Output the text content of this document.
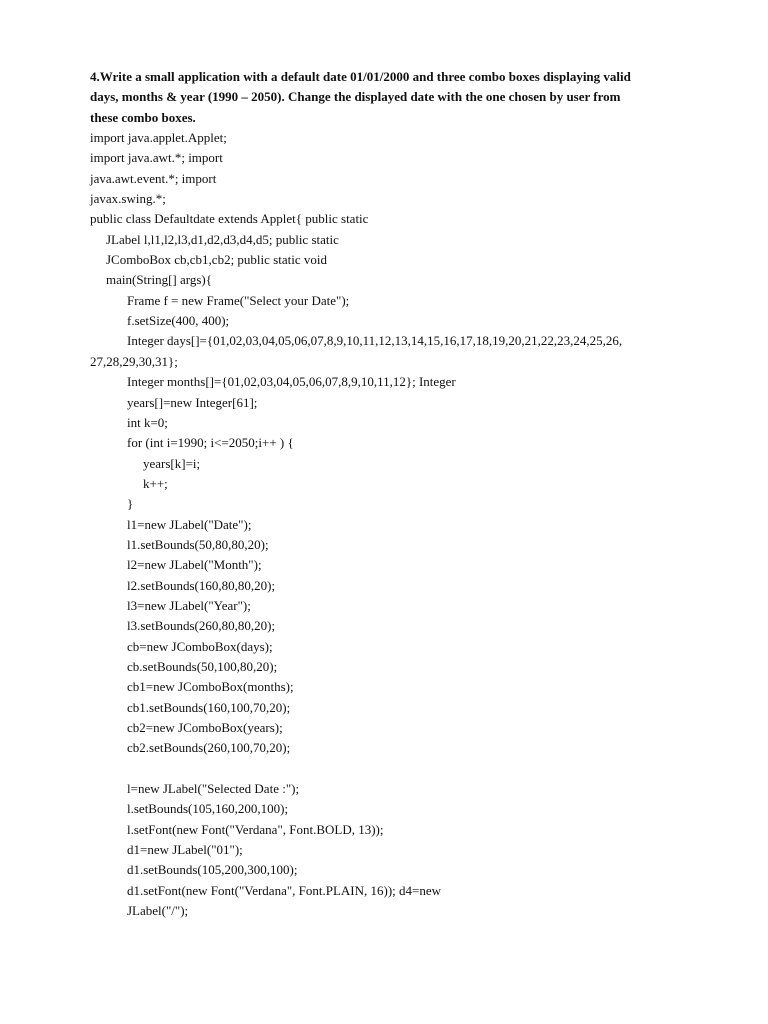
4.Write a small application with a default date 01/01/2000 and three combo boxes displaying valid
days, months & year (1990 – 2050). Change the displayed date with the one chosen by user from
these combo boxes.
import java.applet.Applet;
import java.awt.*; import
java.awt.event.*; import
javax.swing.*;
public class Defaultdate extends Applet{ public static
JLabel l,l1,l2,l3,d1,d2,d3,d4,d5; public static
JComboBox cb,cb1,cb2; public static void
main(String[] args){
Frame f = new Frame("Select your Date");
f.setSize(400, 400);
Integer days[]={01,02,03,04,05,06,07,8,9,10,11,12,13,14,15,16,17,18,19,20,21,22,23,24,25,26,
27,28,29,30,31};
Integer months[]={01,02,03,04,05,06,07,8,9,10,11,12}; Integer
years[]=new Integer[61];
int k=0;
for (int i=1990; i<=2050;i++ ) {
years[k]=i;
k++;
}
l1=new JLabel("Date");
l1.setBounds(50,80,80,20);
l2=new JLabel("Month");
l2.setBounds(160,80,80,20);
l3=new JLabel("Year");
l3.setBounds(260,80,80,20);
cb=new JComboBox(days);
cb.setBounds(50,100,80,20);
cb1=new JComboBox(months);
cb1.setBounds(160,100,70,20);
cb2=new JComboBox(years);
cb2.setBounds(260,100,70,20);
l=new JLabel("Selected Date :");
l.setBounds(105,160,200,100);
l.setFont(new Font("Verdana", Font.BOLD, 13));
d1=new JLabel("01");
d1.setBounds(105,200,300,100);
d1.setFont(new Font("Verdana", Font.PLAIN, 16)); d4=new
JLabel("/");
